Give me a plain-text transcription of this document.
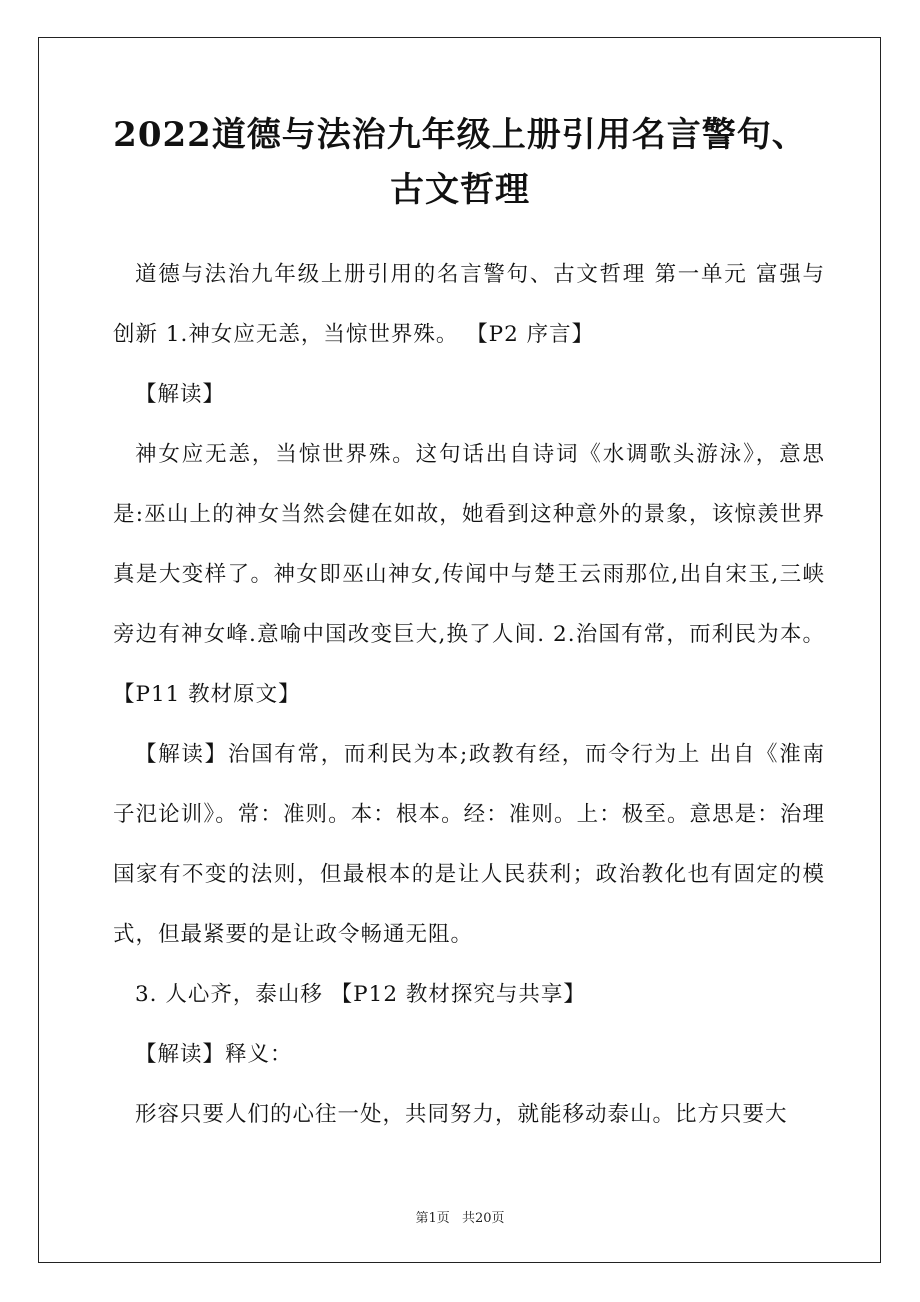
2022道德与法治九年级上册引用名言警句、古文哲理

道德与法治九年级上册引用的名言警句、古文哲理 第一单元 富强与创新 1.神女应无恙，当惊世界殊。 【P2 序言】

【解读】

神女应无恙，当惊世界殊。这句话出自诗词《水调歌头游泳》，意思是:巫山上的神女当然会健在如故，她看到这种意外的景象，该惊羡世界真是大变样了。神女即巫山神女,传闻中与楚王云雨那位,出自宋玉,三峡旁边有神女峰.意喻中国改变巨大,换了人间. 2.治国有常，而利民为本。 【P11 教材原文】

【解读】治国有常，而利民为本;政教有经，而令行为上 出自《淮南子氾论训》。常：准则。本：根本。经：准则。上：极至。意思是：治理国家有不变的法则，但最根本的是让人民获利；政治教化也有固定的模式，但最紧要的是让政令畅通无阻。

3. 人心齐，泰山移 【P12 教材探究与共享】

【解读】释义：

形容只要人们的心往一处，共同努力，就能移动泰山。比方只要大

第1页 共20页
